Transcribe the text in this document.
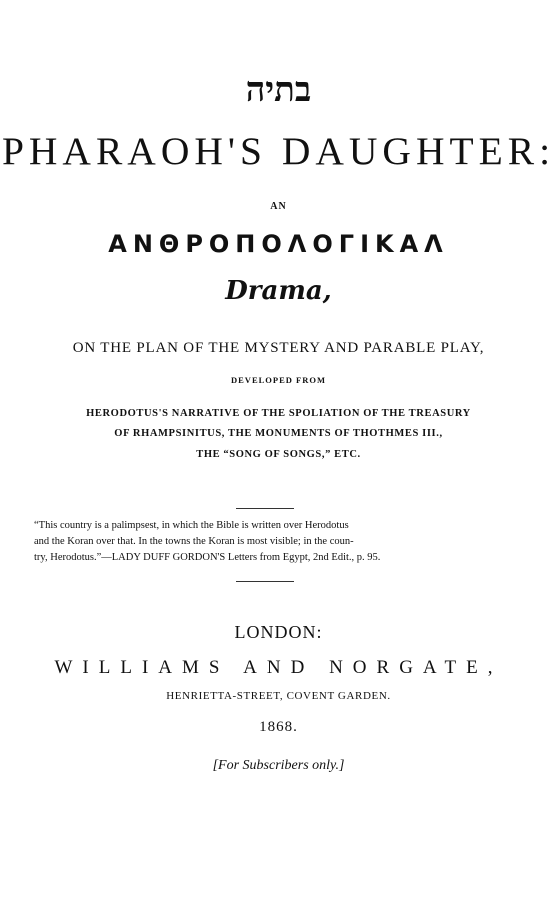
בתיה
PHARAOH'S DAUGHTER:
AN
ΑΝΘΡΟΠΟΛΟΓΙΚΑΛ
Drama,
ON THE PLAN OF THE MYSTERY AND PARABLE PLAY,
DEVELOPED FROM
HERODOTUS'S NARRATIVE OF THE SPOLIATION OF THE TREASURY
OF RHAMPSINITUS, THE MONUMENTS OF THOTHMES III.,
THE “SONG OF SONGS,” ETC.
“This country is a palimpsest, in which the Bible is written over Herodotus
and the Koran over that. In the towns the Koran is most visible; in the coun-
try, Herodotus.”—LADY DUFF GORDON'S Letters from Egypt, 2nd Edit., p. 95.
LONDON:
WILLIAMS AND NORGATE,
HENRIETTA-STREET, COVENT GARDEN.
1868.
[For Subscribers only.]
